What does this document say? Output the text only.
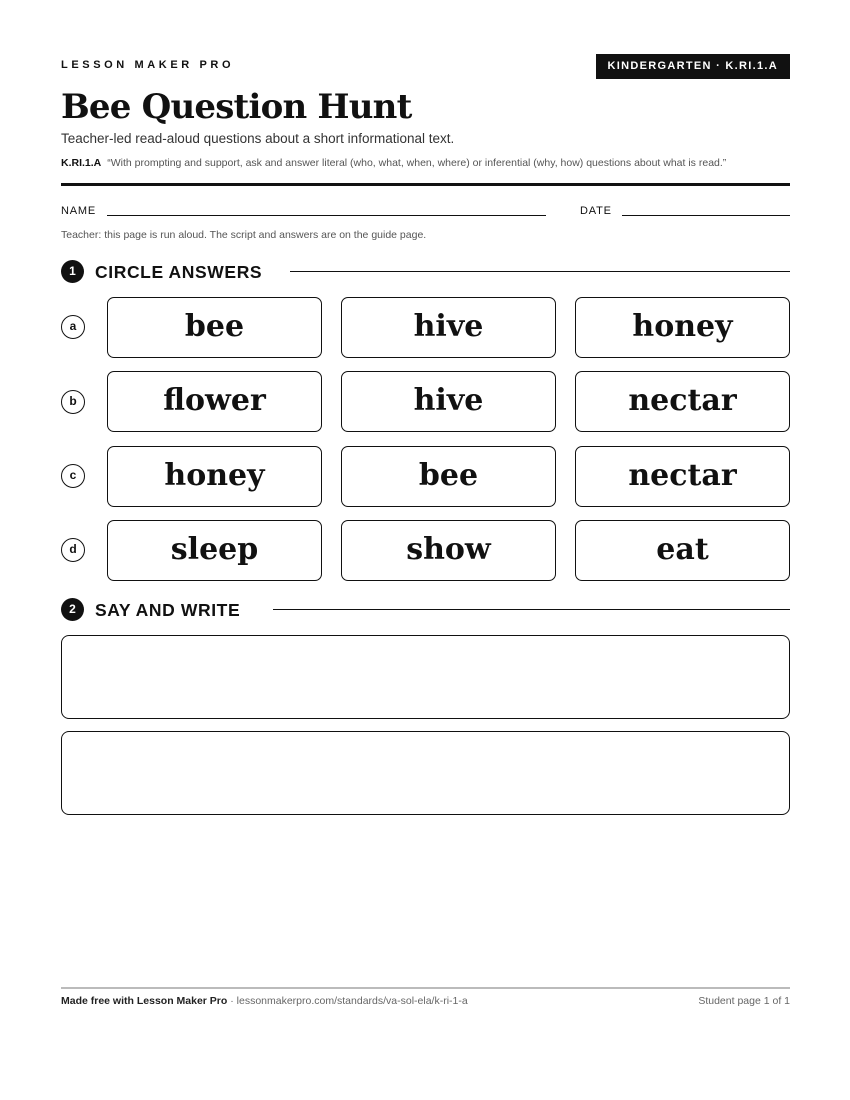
LESSON MAKER PRO	KINDERGARTEN · K.RI.1.A
Bee Question Hunt
Teacher-led read-aloud questions about a short informational text.
K.RI.1.A “With prompting and support, ask and answer literal (who, what, when, where) or inferential (why, how) questions about what is read.”
NAME	DATE
Teacher: this page is run aloud. The script and answers are on the guide page.
1	CIRCLE ANSWERS
a	bee	hive	honey
b	flower	hive	nectar
c	honey	bee	nectar
d	sleep	show	eat
2	SAY AND WRITE
Made free with Lesson Maker Pro · lessonmakerpro.com/standards/va-sol-ela/k-ri-1-a	Student page 1 of 1
